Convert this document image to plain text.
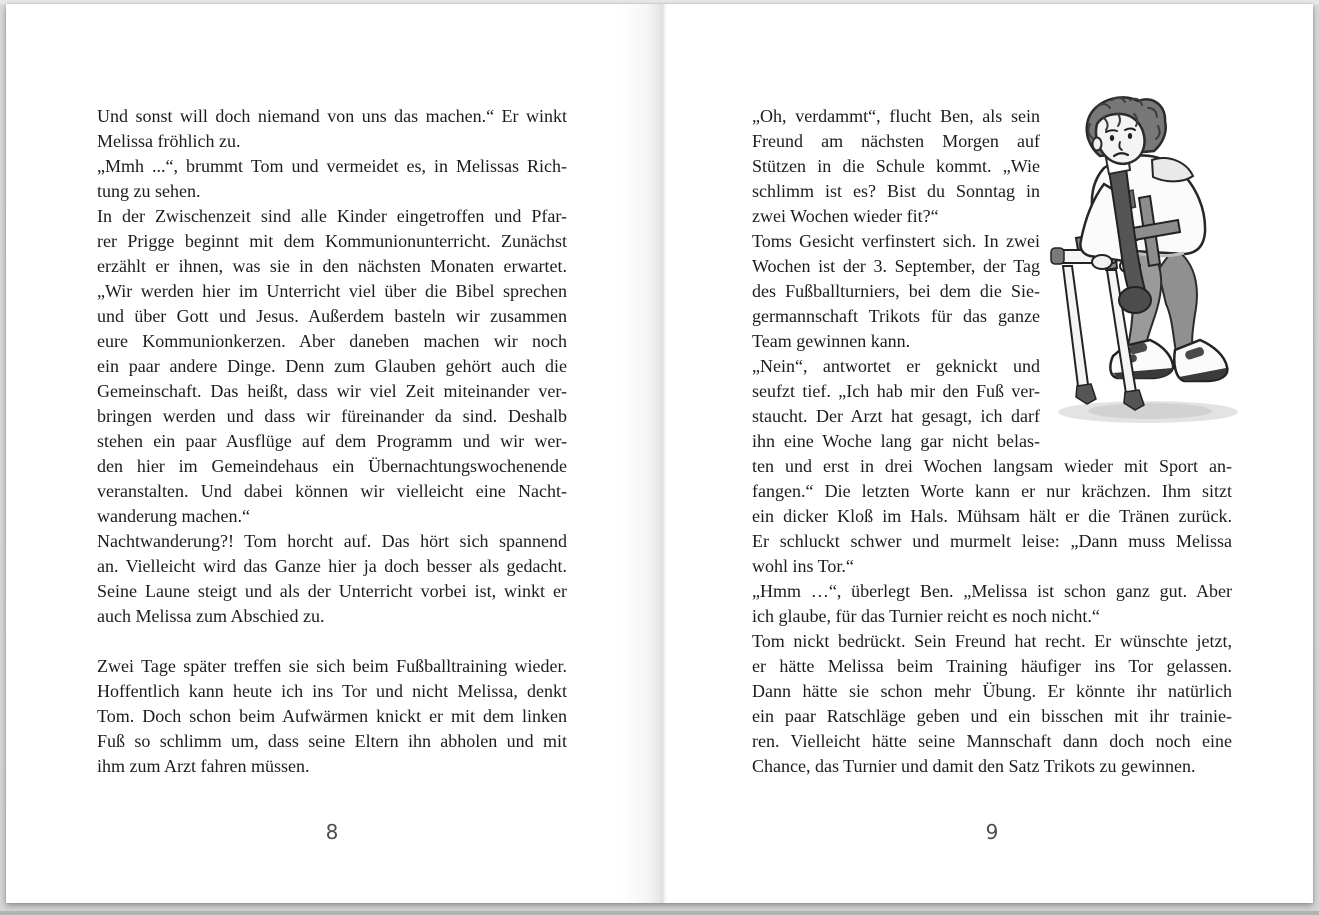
Und sonst will doch niemand von uns das machen.“ Er winkt
Melissa fröhlich zu.
„Mmh ...“, brummt Tom und vermeidet es, in Melissas Rich-
tung zu sehen.
In der Zwischenzeit sind alle Kinder eingetroffen und Pfar-
rer Prigge beginnt mit dem Kommunionunterricht. Zunächst
erzählt er ihnen, was sie in den nächsten Monaten erwartet.
„Wir werden hier im Unterricht viel über die Bibel sprechen
und über Gott und Jesus. Außerdem basteln wir zusammen
eure Kommunionkerzen. Aber daneben machen wir noch
ein paar andere Dinge. Denn zum Glauben gehört auch die
Gemeinschaft. Das heißt, dass wir viel Zeit miteinander ver-
bringen werden und dass wir füreinander da sind. Deshalb
stehen ein paar Ausflüge auf dem Programm und wir wer-
den hier im Gemeindehaus ein Übernachtungswochenende
veranstalten. Und dabei können wir vielleicht eine Nacht-
wanderung machen.“
Nachtwanderung?! Tom horcht auf. Das hört sich spannend
an. Vielleicht wird das Ganze hier ja doch besser als gedacht.
Seine Laune steigt und als der Unterricht vorbei ist, winkt er
auch Melissa zum Abschied zu.
Zwei Tage später treffen sie sich beim Fußballtraining wieder.
Hoffentlich kann heute ich ins Tor und nicht Melissa, denkt
Tom. Doch schon beim Aufwärmen knickt er mit dem linken
Fuß so schlimm um, dass seine Eltern ihn abholen und mit
ihm zum Arzt fahren müssen.
8
„Oh, verdammt“, flucht Ben, als sein
Freund am nächsten Morgen auf
Stützen in die Schule kommt. „Wie
schlimm ist es? Bist du Sonntag in
zwei Wochen wieder fit?“
Toms Gesicht verfinstert sich. In zwei
Wochen ist der 3. September, der Tag
des Fußballturniers, bei dem die Sie-
germannschaft Trikots für das ganze
Team gewinnen kann.
„Nein“, antwortet er geknickt und
seufzt tief. „Ich hab mir den Fuß ver-
staucht. Der Arzt hat gesagt, ich darf
ihn eine Woche lang gar nicht belas-
ten und erst in drei Wochen langsam wieder mit Sport an-
fangen.“ Die letzten Worte kann er nur krächzen. Ihm sitzt
ein dicker Kloß im Hals. Mühsam hält er die Tränen zurück.
Er schluckt schwer und murmelt leise: „Dann muss Melissa
wohl ins Tor.“
„Hmm …“, überlegt Ben. „Melissa ist schon ganz gut. Aber
ich glaube, für das Turnier reicht es noch nicht.“
Tom nickt bedrückt. Sein Freund hat recht. Er wünschte jetzt,
er hätte Melissa beim Training häufiger ins Tor gelassen.
Dann hätte sie schon mehr Übung. Er könnte ihr natürlich
ein paar Ratschläge geben und ein bisschen mit ihr trainie-
ren. Vielleicht hätte seine Mannschaft dann doch noch eine
Chance, das Turnier und damit den Satz Trikots zu gewinnen.
9
